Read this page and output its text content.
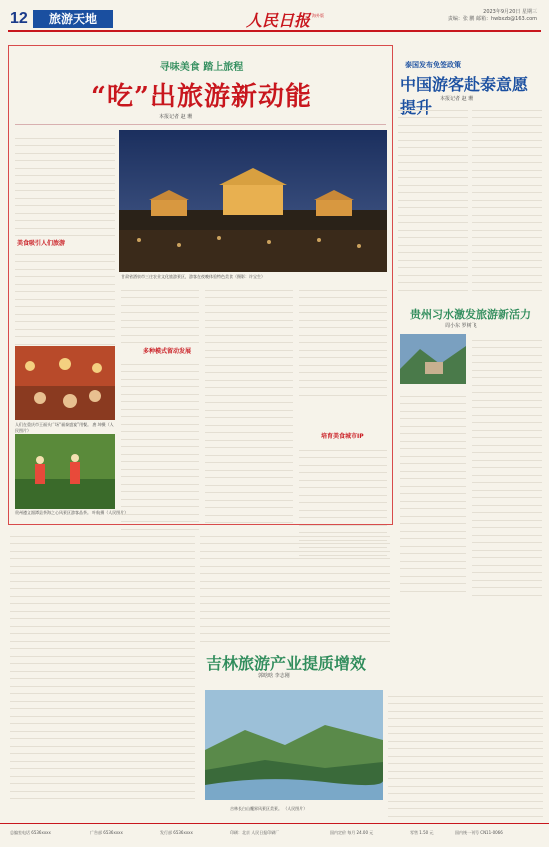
12	旅游天地	人民日报 海外版
2023年9月20日 星期三
责编：张 鹏 邮箱：hwbxzb@163.com
寻味美食 踏上旅程
“吃”出旅游新动能
本报记者 赵 珊
美食吸引人们旅游
甘肃省酒泉市三庄农业文化旅游景区，游客在夜晚体验特色美食（摄影：许宝生）
多种模式留动发展
培育美食城市IP
人们在重庆市王福头广场“福泰盛宴”用餐。 唐 坤摄（人民图片）
贵州遵义湄潭县茶海之心风景区游客品茶。 叶航摄（人民图片）
泰国发布免签政策
中国游客赴泰意愿提升	本报记者 赵 珊
贵州习水激发旅游新活力
周小东 罗树飞
吉林旅游产业提质增效
郭晗晗 李志刚
吉林长白山魔界风景区美景。 （人民图片）
总编室电话 6536xxxx	广告部 6536xxxx	发行部 6536xxxx	印刷：北京 人民日报印刷厂	国内定价 每月 24.00 元	零售 1.50 元	国内统一刊号 CN11-0066
